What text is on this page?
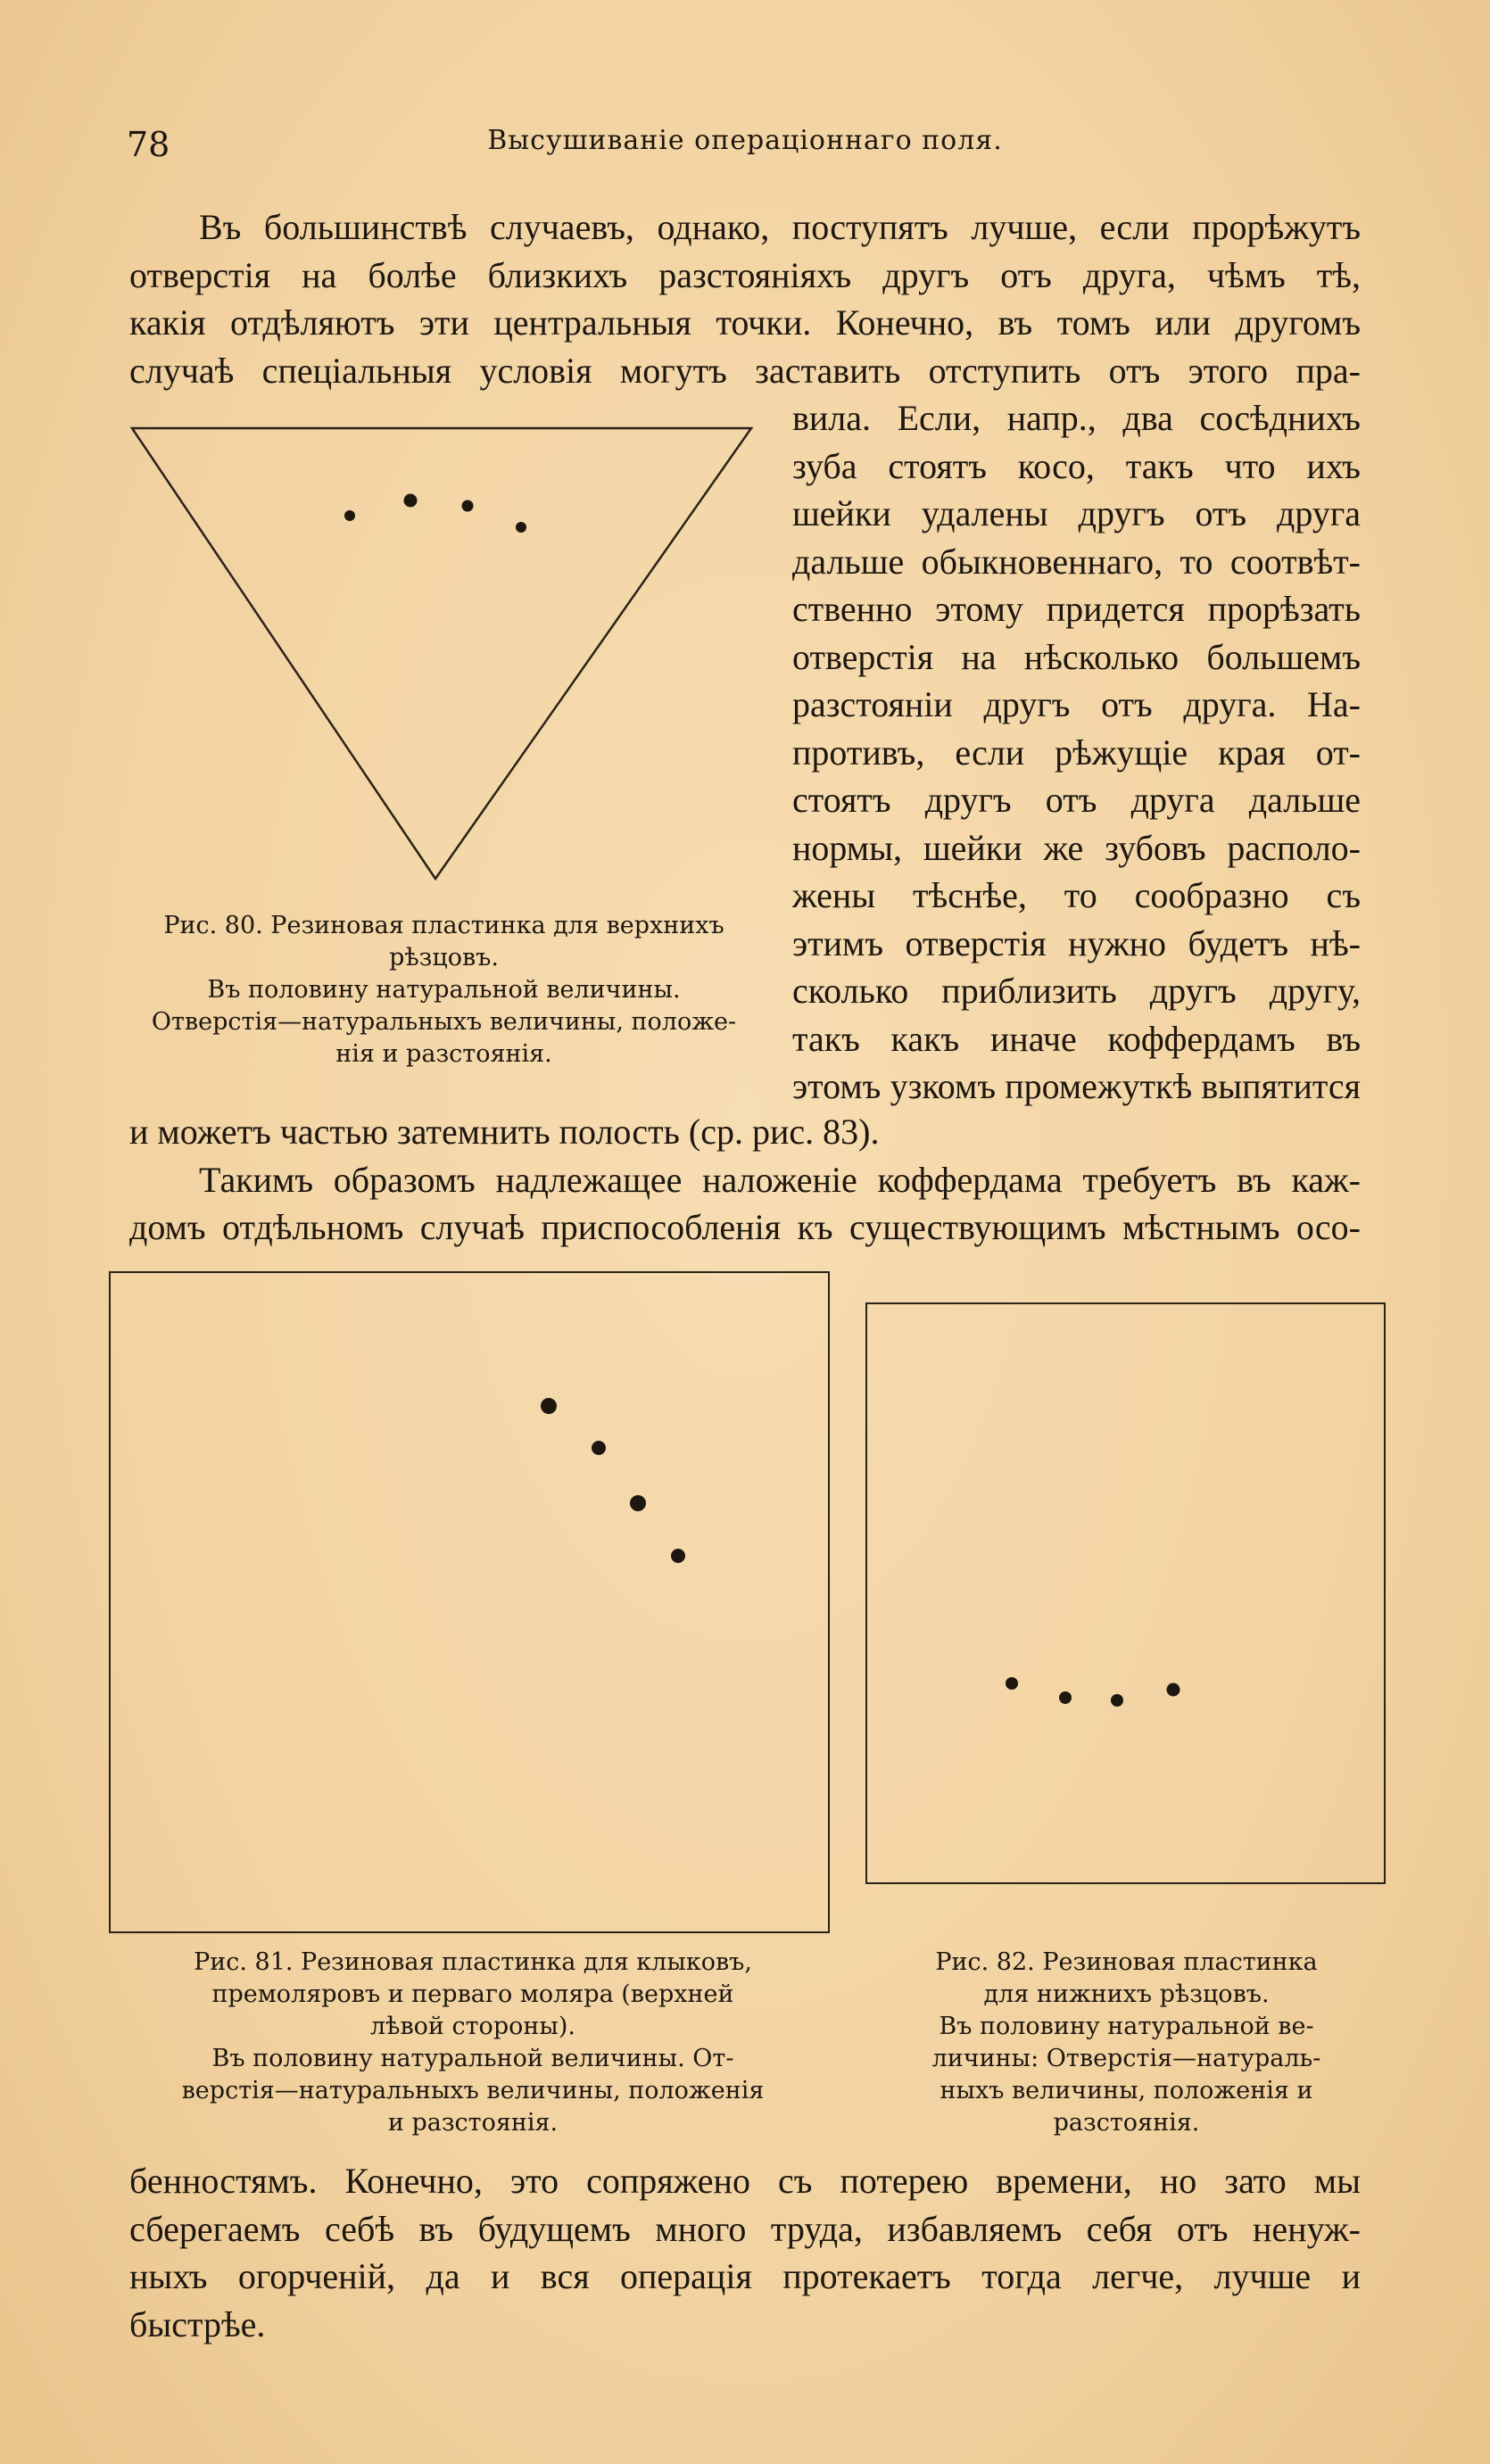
78	Высушиванiе операцiоннаго поля.
Въ большинствѣ случаевъ, однако, поступятъ лучше, если прорѣжутъ
отверстiя на болѣе близкихъ разстоянiяхъ другъ отъ друга, чѣмъ тѣ,
какiя отдѣляютъ эти центральныя точки. Конечно, въ томъ или другомъ
случаѣ спецiальныя условiя могутъ заставить отступить отъ этого пра-
вила. Если, напр., два сосѣднихъ
зуба стоятъ косо, такъ что ихъ
шейки удалены другъ отъ друга
дальше обыкновеннаго, то соотвѣт-
ственно этому придется прорѣзать
отверстiя на нѣсколько большемъ
разстоянiи другъ отъ друга. На-
противъ, если рѣжущiе края от-
стоятъ другъ отъ друга дальше
нормы, шейки же зубовъ располо-
жены тѣснѣе, то сообразно съ
этимъ отверстiя нужно будетъ нѣ-
сколько приблизить другъ другу,
такъ какъ иначе коффердамъ въ
этомъ узкомъ промежуткѣ выпятится
Рис. 80. Резиновая пластинка для верхнихъ
рѣзцовъ.
Въ половину натуральной величины.
Отверстiя—натуральныхъ величины, положе-
нiя и разстоянiя.
и можетъ частью затемнить полость (ср. рис. 83).
Такимъ образомъ надлежащее наложенiе коффердама требуетъ въ каж-
домъ отдѣльномъ случаѣ приспособленiя къ существующимъ мѣстнымъ осо-
Рис. 81. Резиновая пластинка для клыковъ,
премоляровъ и перваго моляра (верхней
лѣвой стороны).
Въ половину натуральной величины. От-
верстiя—натуральныхъ величины, положенiя
и разстоянiя.
Рис. 82. Резиновая пластинка
для нижнихъ рѣзцовъ.
Въ половину натуральной ве-
личины: Отверстiя—натураль-
ныхъ величины, положенiя и
разстоянiя.
бенностямъ. Конечно, это сопряжено съ потерею времени, но зато мы
сберегаемъ себѣ въ будущемъ много труда, избавляемъ себя отъ ненуж-
ныхъ огорченiй, да и вся операцiя протекаетъ тогда легче, лучше и
быстрѣе.
